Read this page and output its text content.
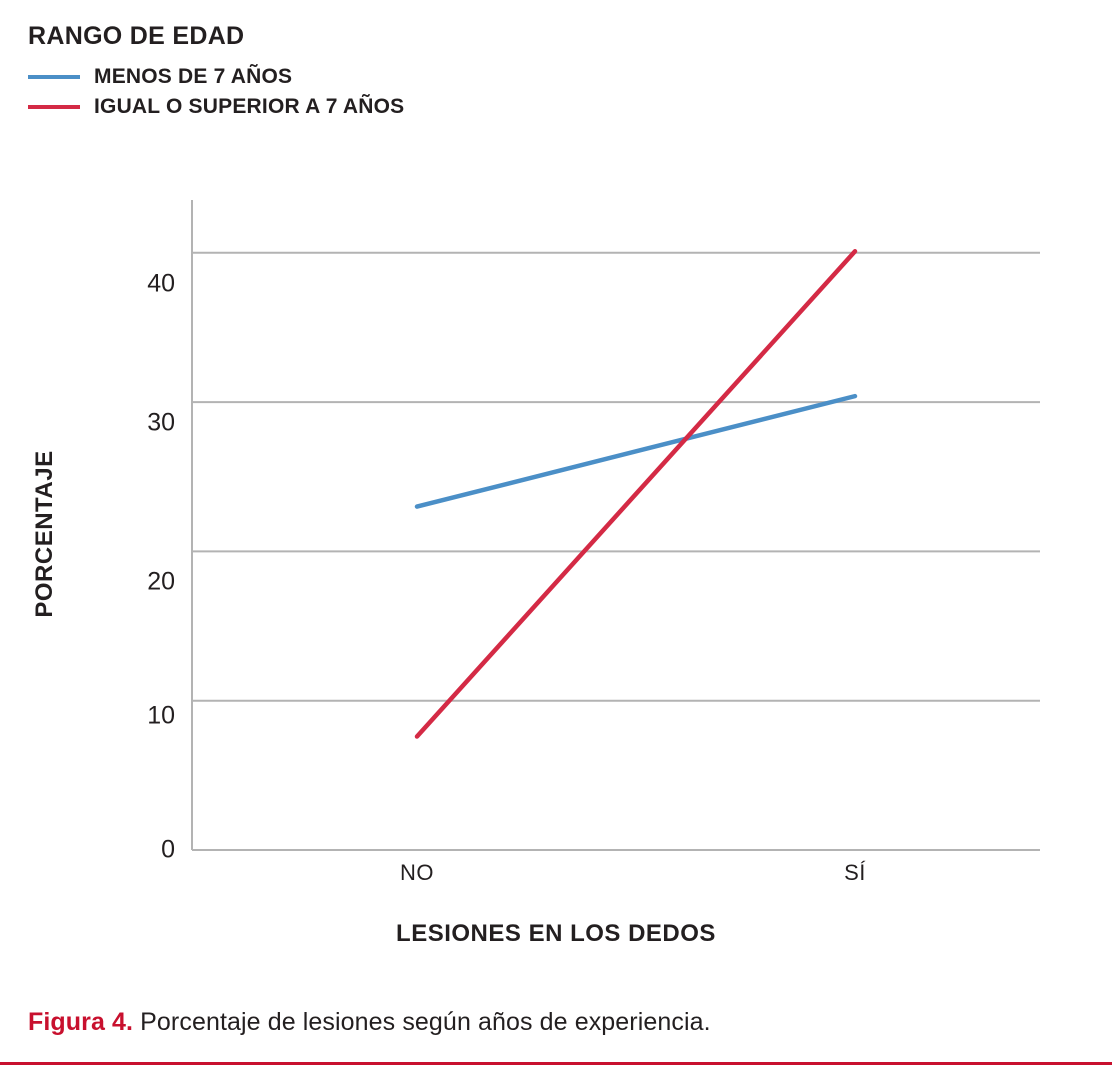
RANGO DE EDAD
MENOS DE 7 AÑOS
IGUAL O SUPERIOR A 7 AÑOS
PORCENTAJE
LESIONES EN LOS DEDOS
0
10
20
30
40
NO	SÍ
Figura 4. Porcentaje de lesiones según años de experiencia.
